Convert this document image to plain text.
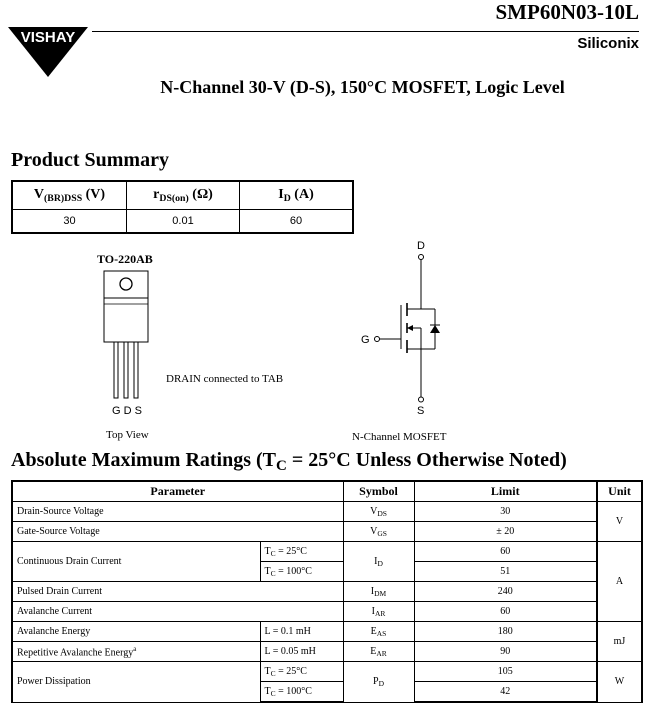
VISHAY
SMP60N03-10L
Siliconix
N-Channel 30-V (D-S), 150°C MOSFET, Logic Level
Product Summary
$V_{(BR)DSS}$ (V)	$r_{DS(on)}$ (Ω)	$I_D$ (A)
30	0.01	60
TO-220AB
DRAIN connected to TAB
G D S
Top View
D
G
S
N-Channel MOSFET
Absolute Maximum Ratings ($T_C = 25^\circ C$ Unless Otherwise Noted)
Parameter		Symbol	Limit	Unit
Drain-Source Voltage		$V_{DS}$	30	V
Gate-Source Voltage		$V_{GS}$	± 20	
Continuous Drain Current	$T_C = 25^\circ C$	$I_D$	60	A
	$T_C = 100^\circ C$		51	
Pulsed Drain Current		$I_{DM}$	240	
Avalanche Current		$I_{AR}$	60	
Avalanche Energy	L = 0.1 mH	$E_{AS}$	180	mJ
Repetitive Avalanche Energy$^a$	L = 0.05 mH	$E_{AR}$	90	
Power Dissipation	$T_C = 25^\circ C$	$P_D$	105	W
	$T_C = 100^\circ C$		42	
